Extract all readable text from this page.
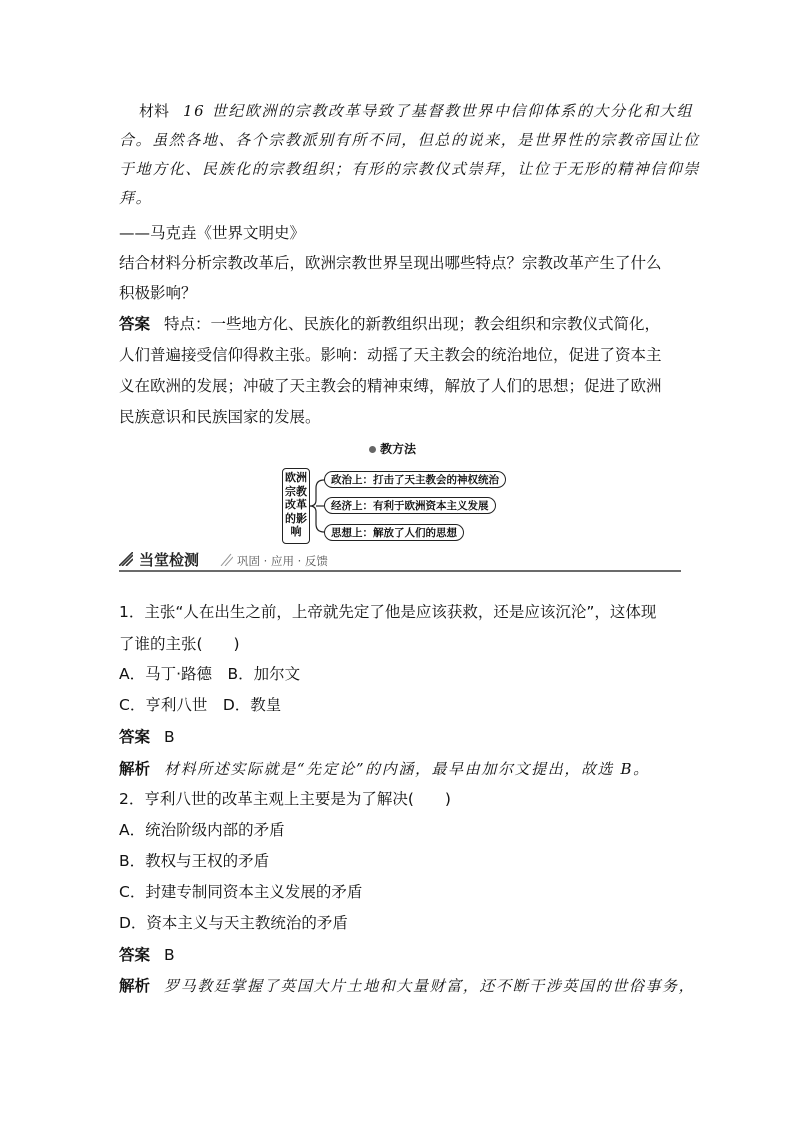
材料 16 世纪欧洲的宗教改革导致了基督教世界中信仰体系的大分化和大组
合。虽然各地、各个宗教派别有所不同，但总的说来，是世界性的宗教帝国让位
于地方化、民族化的宗教组织；有形的宗教仪式崇拜，让位于无形的精神信仰崇
拜。
——马克垚《世界文明史》
结合材料分析宗教改革后，欧洲宗教世界呈现出哪些特点？宗教改革产生了什么
积极影响？
答案 特点：一些地方化、民族化的新教组织出现；教会组织和宗教仪式简化，
人们普遍接受信仰得救主张。影响：动摇了天主教会的统治地位，促进了资本主
义在欧洲的发展；冲破了天主教会的精神束缚，解放了人们的思想；促进了欧洲
民族意识和民族国家的发展。
教方法
欧洲
宗教
改革
的影
响
政治上：打击了天主教会的神权统治
经济上：有利于欧洲资本主义发展
思想上：解放了人们的思想
当堂检测	巩固 · 应用 · 反馈
1．主张“人在出生之前，上帝就先定了他是应该获救，还是应该沉沦”，这体现
了谁的主张(　　)
A．马丁·路德　B．加尔文
C．亨利八世　D．教皇
答案 B
解析 材料所述实际就是“先定论”的内涵，最早由加尔文提出，故选 B。
2．亨利八世的改革主观上主要是为了解决(　　)
A．统治阶级内部的矛盾
B．教权与王权的矛盾
C．封建专制同资本主义发展的矛盾
D．资本主义与天主教统治的矛盾
答案 B
解析 罗马教廷掌握了英国大片土地和大量财富，还不断干涉英国的世俗事务，
